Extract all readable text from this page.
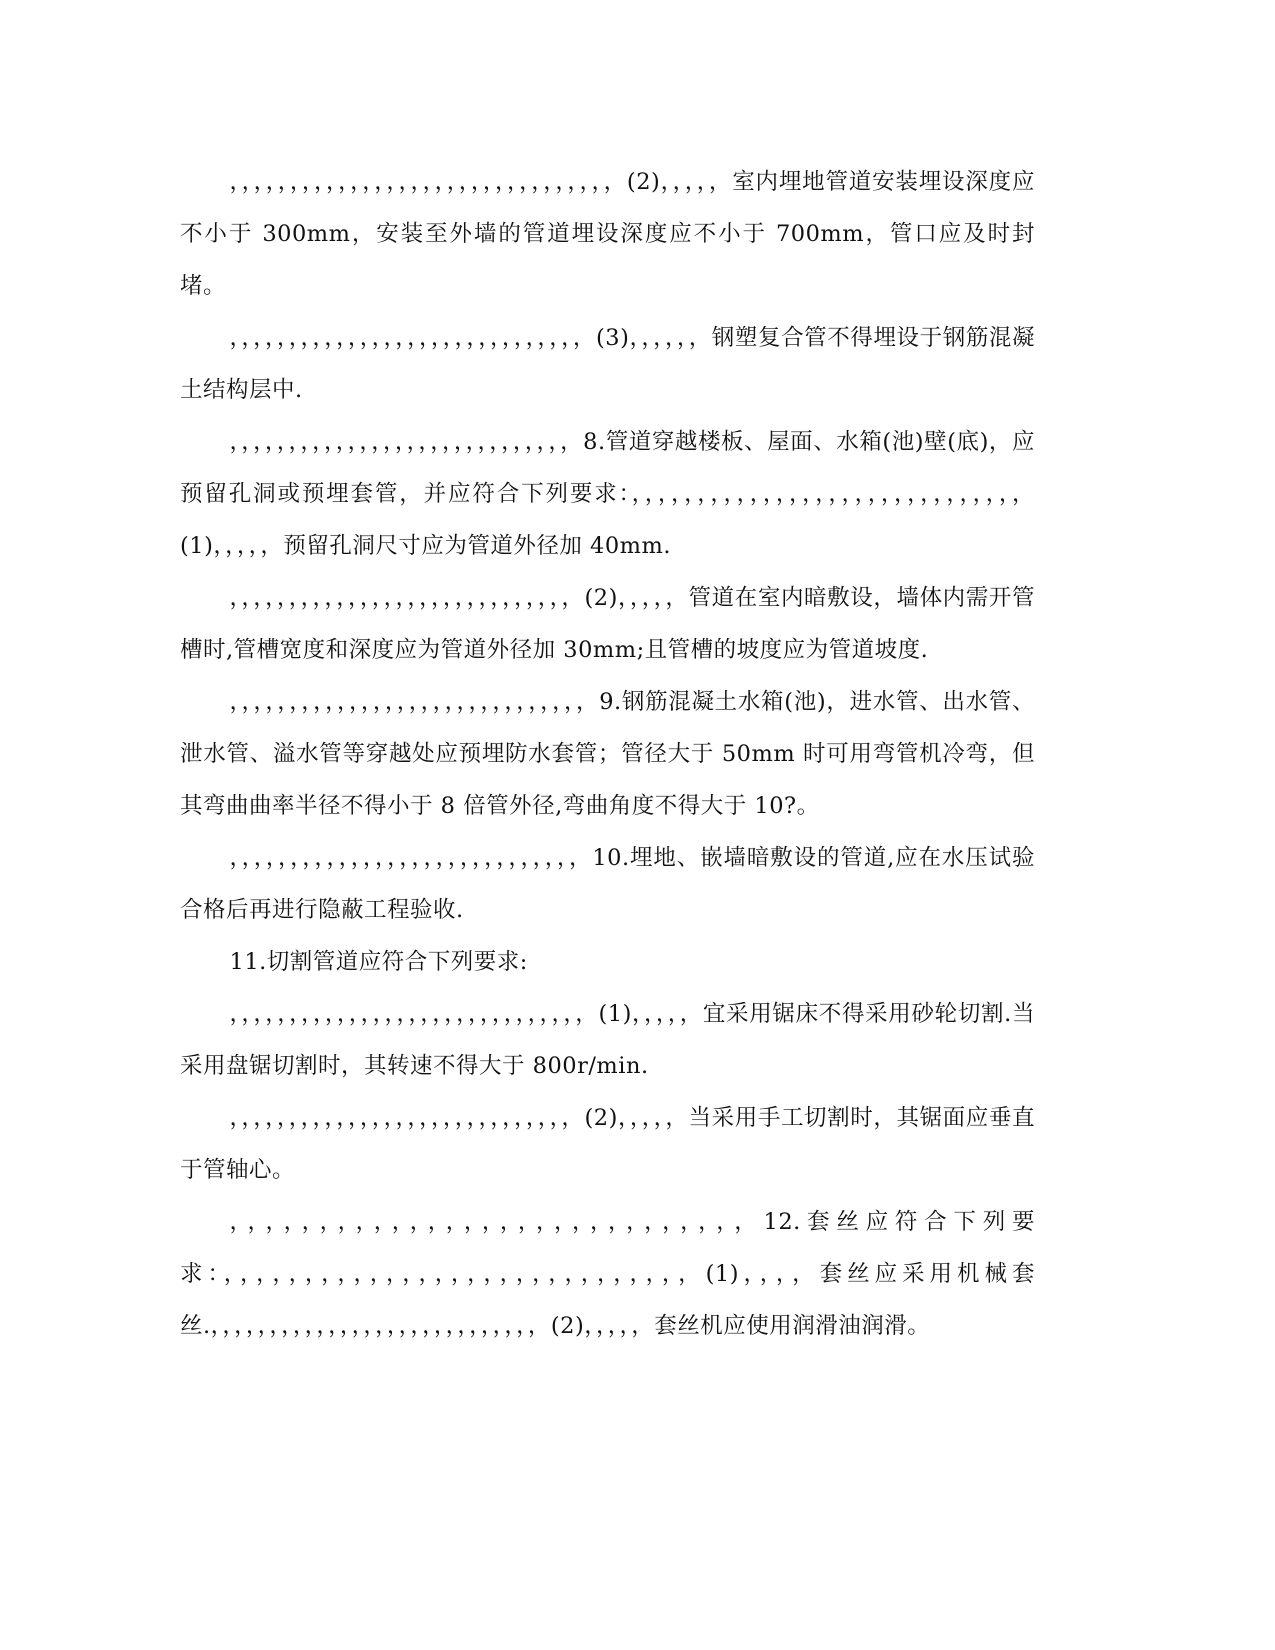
，，，，，，，，，，，，，，，，，，，，，，，，，，，，，，，，(2)，，，，，室内埋地管道安装埋设深度应不小于 300mm，安装至外墙的管道埋设深度应不小于 700mm，管口应及时封堵。

，，，，，，，，，，，，，，，，，，，，，，，，，，，，，，(3)，，，，，，钢塑复合管不得埋设于钢筋混凝土结构层中.

，，，，，，，，，，，，，，，，，，，，，，，，，，，，，8.管道穿越楼板、屋面、水箱(池)壁(底)，应预留孔洞或预埋套管，并应符合下列要求：，，，，，，，，，，，，，，，，，，，，，，，，，，，，，，(1)，，，，，预留孔洞尺寸应为管道外径加 40mm.

，，，，，，，，，，，，，，，，，，，，，，，，，，，，，(2)，，，，，管道在室内暗敷设，墙体内需开管槽时,管槽宽度和深度应为管道外径加 30mm;且管槽的坡度应为管道坡度.

，，，，，，，，，，，，，，，，，，，，，，，，，，，，，，9.钢筋混凝土水箱(池)，进水管、出水管、泄水管、溢水管等穿越处应预埋防水套管；管径大于 50mm 时可用弯管机冷弯，但其弯曲曲率半径不得小于 8 倍管外径,弯曲角度不得大于 10?。

，，，，，，，，，，，，，，，，，，，，，，，，，，，，，10.埋地、嵌墙暗敷设的管道,应在水压试验合格后再进行隐蔽工程验收.

11.切割管道应符合下列要求:

，，，，，，，，，，，，，，，，，，，，，，，，，，，，，，(1)，，，，，宜采用锯床不得采用砂轮切割.当采用盘锯切割时，其转速不得大于 800r/min.

，，，，，，，，，，，，，，，，，，，，，，，，，，，，，(2)，，，，，当采用手工切割时，其锯面应垂直于管轴心。

，，，，，，，，，，，，，，，，，，，，，，，，，，，，，12.套丝应符合下列要求：，，，，，，，，，，，，，，，，，，，，，，，，，，，，，(1)，，，，套丝应采用机械套丝.，，，，，，，，，，，，，，，，，，，，，，，，，，，，(2)，，，，，套丝机应使用润滑油润滑。
